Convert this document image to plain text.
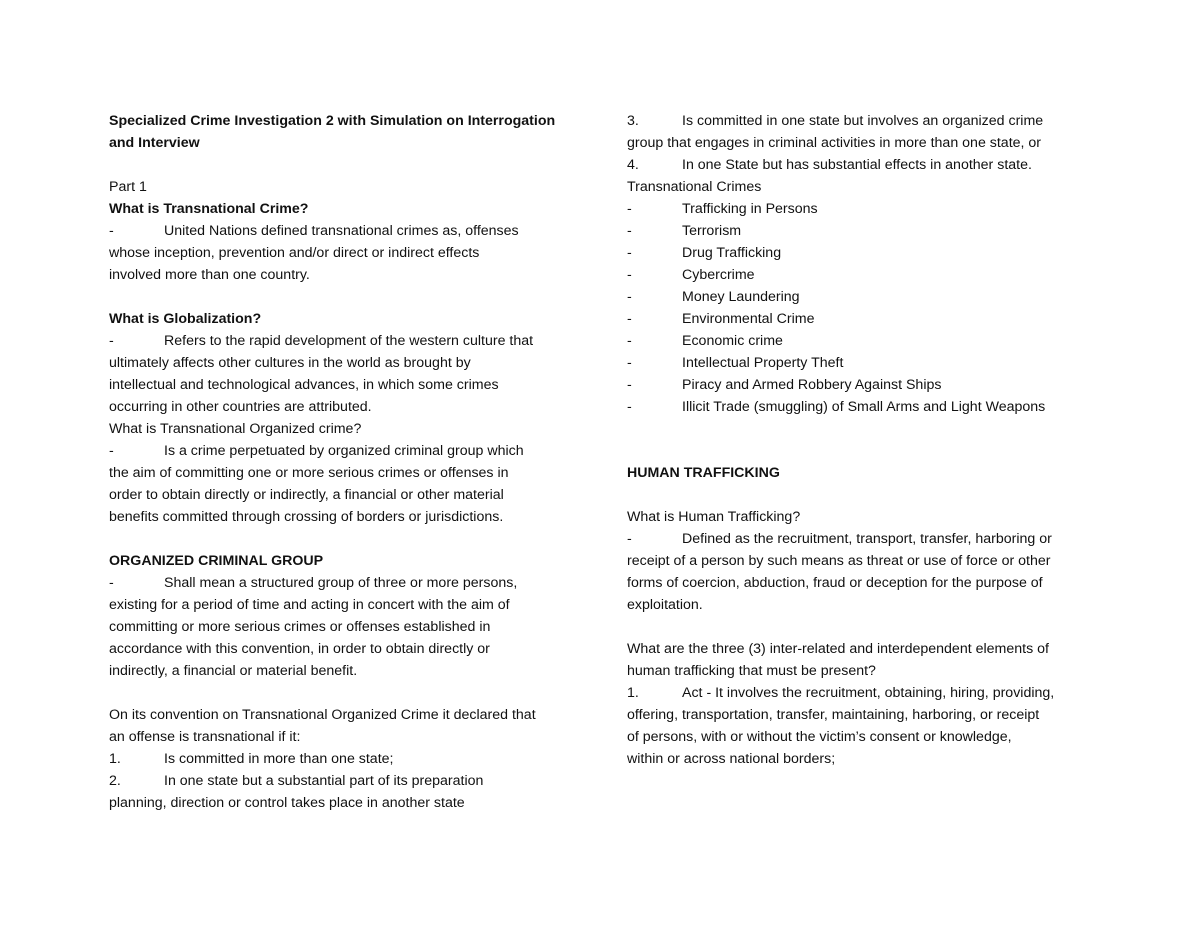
Specialized Crime Investigation 2 with Simulation on Interrogation
and Interview
Part 1
What is Transnational Crime?
-	United Nations defined transnational crimes as, offenses
whose inception, prevention and/or direct or indirect effects
involved more than one country.
What is Globalization?
-	Refers to the rapid development of the western culture that
ultimately affects other cultures in the world as brought by
intellectual and technological advances, in which some crimes
occurring in other countries are attributed.
What is Transnational Organized crime?
-	Is a crime perpetuated by organized criminal group which
the aim of committing one or more serious crimes or offenses in
order to obtain directly or indirectly, a financial or other material
benefits committed through crossing of borders or jurisdictions.
ORGANIZED CRIMINAL GROUP
-	Shall mean a structured group of three or more persons,
existing for a period of time and acting in concert with the aim of
committing or more serious crimes or offenses established in
accordance with this convention, in order to obtain directly or
indirectly, a financial or material benefit.
On its convention on Transnational Organized Crime it declared that
an offense is transnational if it:
1.	Is committed in more than one state;
2.	In one state but a substantial part of its preparation
planning, direction or control takes place in another state
3.	Is committed in one state but involves an organized crime
group that engages in criminal activities in more than one state, or
4.	In one State but has substantial effects in another state.
Transnational Crimes
-	Trafficking in Persons
-	Terrorism
-	Drug Trafficking
-	Cybercrime
-	Money Laundering
-	Environmental Crime
-	Economic crime
-	Intellectual Property Theft
-	Piracy and Armed Robbery Against Ships
-	Illicit Trade (smuggling) of Small Arms and Light Weapons
HUMAN TRAFFICKING
What is Human Trafficking?
-	Defined as the recruitment, transport, transfer, harboring or
receipt of a person by such means as threat or use of force or other
forms of coercion, abduction, fraud or deception for the purpose of
exploitation.
What are the three (3) inter-related and interdependent elements of
human trafficking that must be present?
1.	Act - It involves the recruitment, obtaining, hiring, providing,
offering, transportation, transfer, maintaining, harboring, or receipt
of persons, with or without the victim’s consent or knowledge,
within or across national borders;
